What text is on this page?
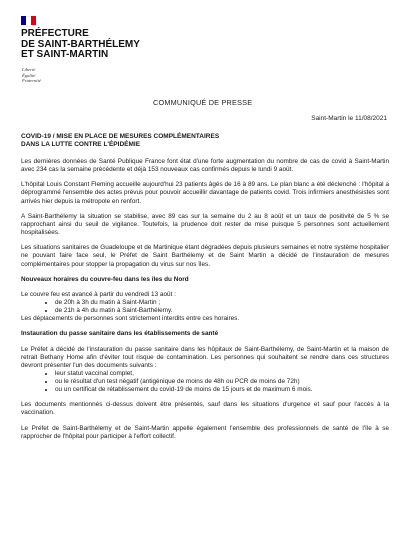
PRÉFECTURE
DE SAINT-BARTHÉLEMY
ET SAINT-MARTIN
Liberté
Égalité
Fraternité
COMMUNIQUÉ DE PRESSE
Saint-Martin le 11/08/2021
COVID-19 / MISE EN PLACE DE MESURES COMPLÉMENTAIRES
DANS LA LUTTE CONTRE L'ÉPIDÉMIE

Les dernières données de Santé Publique France font état d'une forte augmentation du nombre de cas de covid à Saint-Martin avec 234 cas la semaine précédente et déjà 153 nouveaux cas confirmés depuis le lundi 9 août.

L'hôpital Louis Constant Fleming accueille aujourd'hui 23 patients âgés de 16 à 89 ans. Le plan blanc a été déclenché : l'hôpital a déprogrammé l'ensemble des actes prévus pour pouvoir accueillir davantage de patients covid. Trois infirmiers anesthésistes sont arrivés hier depuis la métropole en renfort.

A Saint-Barthélemy la situation se stabilise, avec 89 cas sur la semaine du 2 au 8 août et un taux de positivité de 5 % se rapprochant ainsi du seuil de vigilance. Toutefois, la prudence doit rester de mise puisque 5 personnes sont actuellement hospitalisées.

Les situations sanitaires de Guadeloupe et de Martinique étant dégradées depuis plusieurs semaines et notre système hospitalier ne pouvant faire face seul, le Préfet de Saint Barthélemy et de Saint Martin a décidé de l'instauration de mesures complémentaires pour stopper la propagation du virus sur nos îles.

Nouveaux horaires du couvre-feu dans les îles du Nord

Le couvre feu est avancé à partir du vendredi 13 août :

• de 20h à 3h du matin à Saint-Martin ;
• de 21h à 4h du matin à Saint-Barthélemy.

Les déplacements de personnes sont strictement interdits entre ces horaires.

Instauration du passe sanitaire dans les établissements de santé

Le Préfet a décidé de l'instauration du passe sanitaire dans les hôpitaux de Saint-Barthélemy, de Saint-Martin et la maison de retrait Bethany Home afin d'éviter tout risque de contamination. Les personnes qui souhaitent se rendre dans ces structures devront présenter l'un des documents suivants :

• leur statut vaccinal complet,
• ou le résultat d'un test négatif (antigénique de moins de 48h ou PCR de moins de 72h)
• ou un certificat de rétablissement du covid-19 de moins de 15 jours et de maximum 6 mois.

Les documents mentionnés ci-dessus doivent être présentés, sauf dans les situations d'urgence et sauf pour l'accès à la vaccination.

Le Préfet de Saint-Barthélemy et de Saint-Martin appelle également l'ensemble des professionnels de santé de l'île à se rapprocher de l'hôpital pour participer à l'effort collectif.
